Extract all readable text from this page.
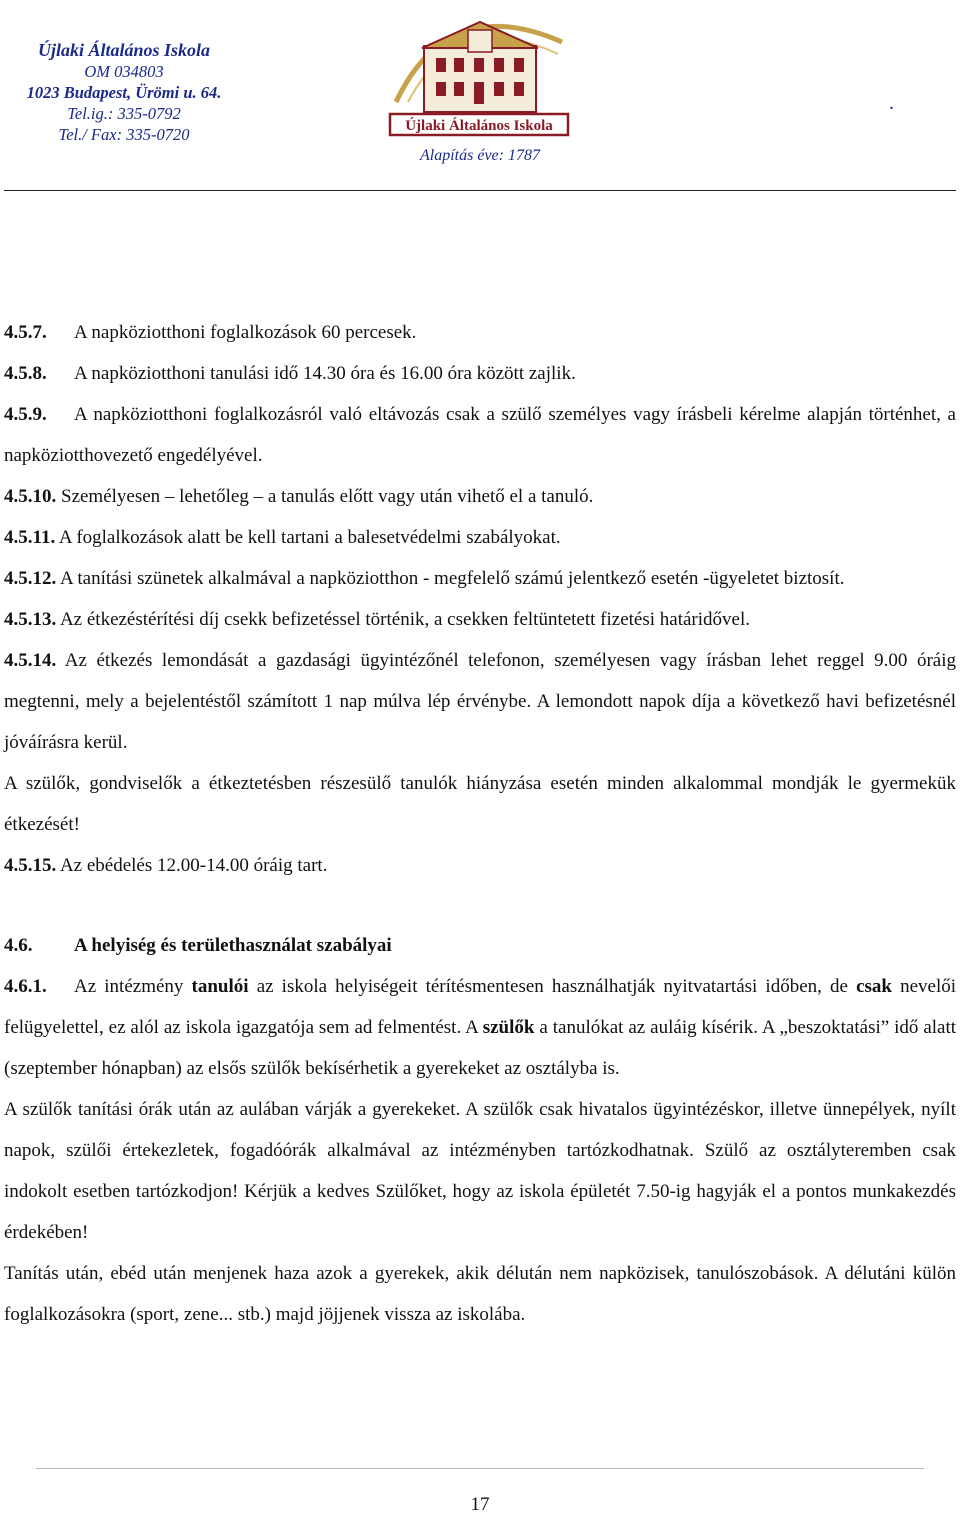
Újlaki Általános Iskola
OM 034803
1023 Budapest, Ürömi u. 64.
Tel.ig.: 335-0792
Tel./ Fax: 335-0720	Újlaki Általános Iskola
Alapítás éve: 1787
.
4.5.7.	A napköziotthoni foglalkozások 60 percesek.
4.5.8.	A napköziotthoni tanulási idő 14.30 óra és 16.00 óra között zajlik.

4.5.9. A napköziotthoni foglalkozásról való eltávozás csak a szülő személyes vagy írásbeli kérelme alapján történhet, a napköziotthovezető engedélyével.

4.5.10. Személyesen – lehetőleg – a tanulás előtt vagy után vihető el a tanuló.

4.5.11. A foglalkozások alatt be kell tartani a balesetvédelmi szabályokat.

4.5.12. A tanítási szünetek alkalmával a napköziotthon - megfelelő számú jelentkező esetén -ügyeletet biztosít.

4.5.13. Az étkezéstérítési díj csekk befizetéssel történik, a csekken feltüntetett fizetési határidővel.

4.5.14. Az étkezés lemondását a gazdasági ügyintézőnél telefonon, személyesen vagy írásban lehet reggel 9.00 óráig megtenni, mely a bejelentéstől számított 1 nap múlva lép érvénybe. A lemondott napok díja a következő havi befizetésnél jóváírásra kerül.

A szülők, gondviselők a étkeztetésben részesülő tanulók hiányzása esetén minden alkalommal mondják le gyermekük étkezését!

4.5.15. Az ebédelés 12.00-14.00 óráig tart.

4.6.	A helyiség és területhasználat szabályai

4.6.1. Az intézmény tanulói az iskola helyiségeit térítésmentesen használhatják nyitvatartási időben, de csak nevelői felügyelettel, ez alól az iskola igazgatója sem ad felmentést. A szülők a tanulókat az auláig kísérik. A „beszoktatási” idő alatt (szeptember hónapban) az elsős szülők bekísérhetik a gyerekeket az osztályba is.

A szülők tanítási órák után az aulában várják a gyerekeket. A szülők csak hivatalos ügyintézéskor, illetve ünnepélyek, nyílt napok, szülői értekezletek, fogadóórák alkalmával az intézményben tartózkodhatnak. Szülő az osztályteremben csak indokolt esetben tartózkodjon! Kérjük a kedves Szülőket, hogy az iskola épületét 7.50-ig hagyják el a pontos munkakezdés érdekében!

Tanítás után, ebéd után menjenek haza azok a gyerekek, akik délután nem napközisek, tanulószobások. A délutáni külön foglalkozásokra (sport, zene... stb.) majd jöjjenek vissza az iskolába.

17
